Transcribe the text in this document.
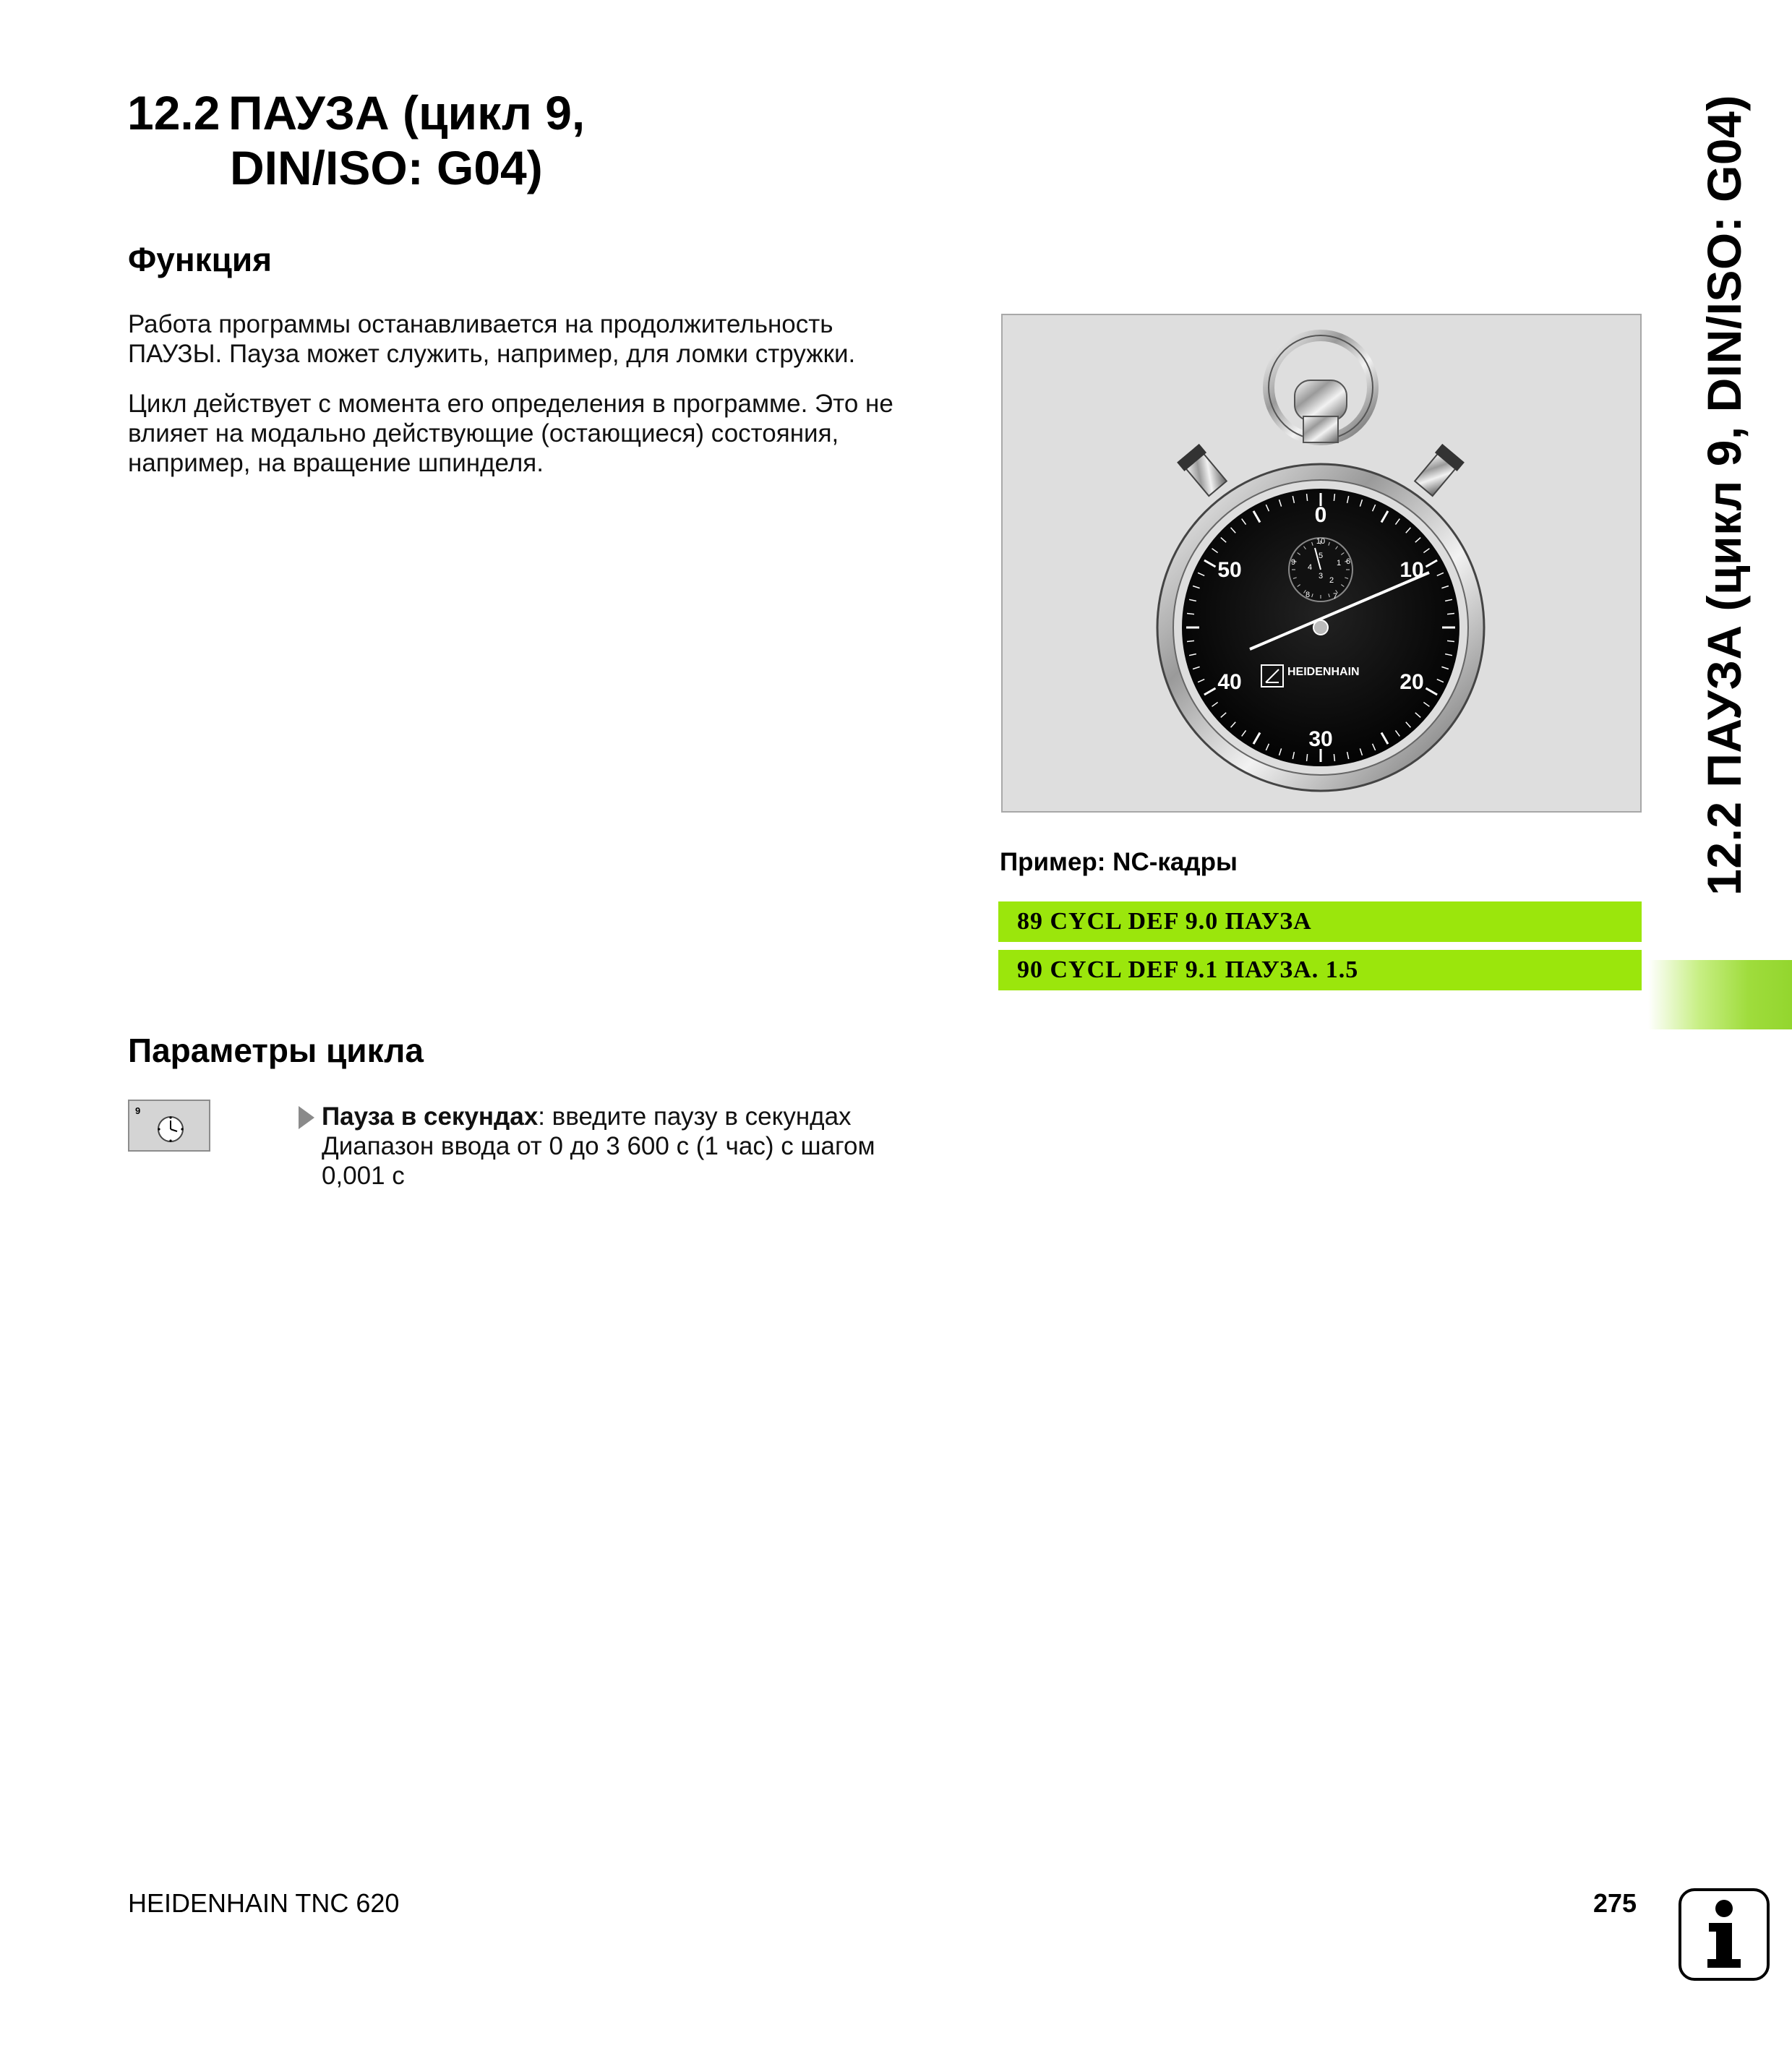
12.2 ПАУЗА (цикл 9,
DIN/ISO: G04)
Функция
Работа программы останавливается на продолжительность
ПАУЗЫ. Пауза может служить, например, для ломки стружки.
Цикл действует с момента его определения в программе. Это не
влияет на модально действующие (остающиеся) состояния,
например, на вращение шпинделя.
0
10
20
30
40
50
10
1
2
3
4
5
6
7
8
9
HEIDENHAIN
Пример: NC-кадры
89 CYCL DEF 9.0 ПАУЗА
90 CYCL DEF 9.1 ПАУЗА. 1.5
12.2 ПАУЗА (цикл 9, DIN/ISO: G04)
Параметры цикла
9	Пауза в секундах: введите паузу в секундах
Диапазон ввода от 0 до 3 600 с (1 час) с шагом
0,001 с
HEIDENHAIN TNC 620	275
